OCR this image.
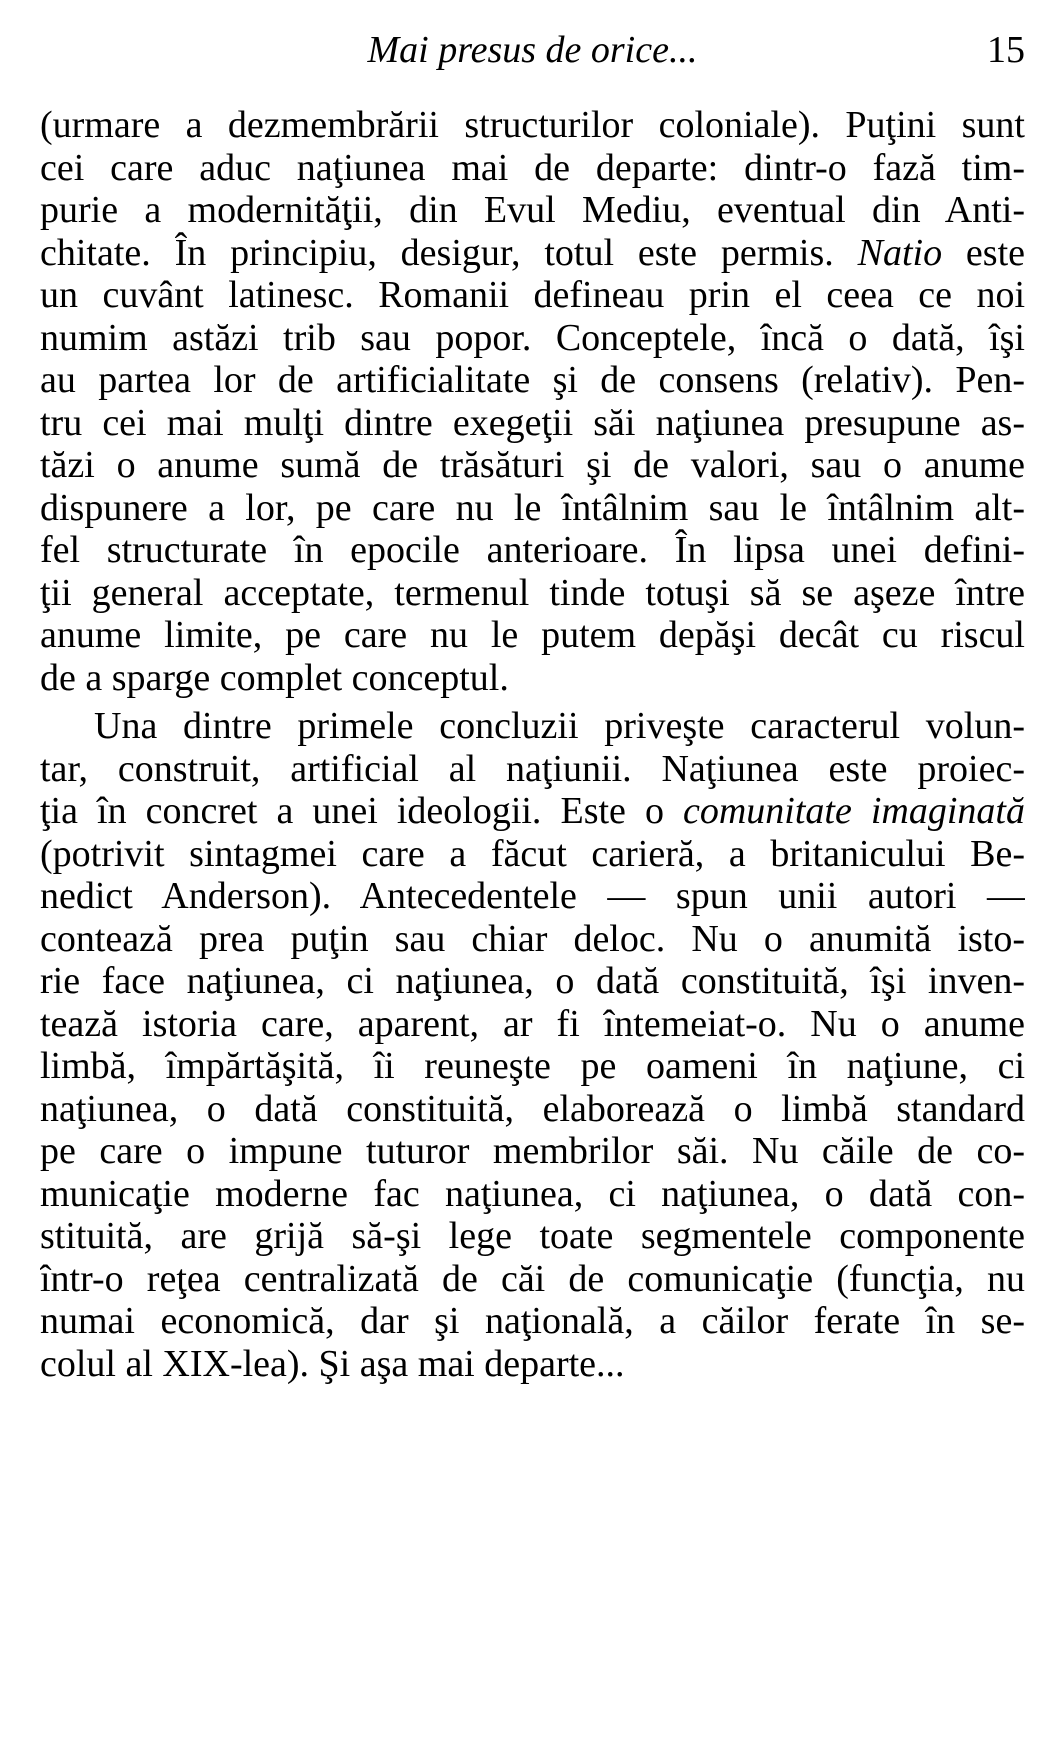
Mai presus de orice...	15
(urmare a dezmembrării structurilor coloniale). Puţini sunt
cei care aduc naţiunea mai de departe: dintr-o fază tim-
purie a modernităţii, din Evul Mediu, eventual din Anti-
chitate. În principiu, desigur, totul este permis. Natio este
un cuvânt latinesc. Romanii defineau prin el ceea ce noi
numim astăzi trib sau popor. Conceptele, încă o dată, îşi
au partea lor de artificialitate şi de consens (relativ). Pen-
tru cei mai mulţi dintre exegeţii săi naţiunea presupune as-
tăzi o anume sumă de trăsături şi de valori, sau o anume
dispunere a lor, pe care nu le întâlnim sau le întâlnim alt-
fel structurate în epocile anterioare. În lipsa unei defini-
ţii general acceptate, termenul tinde totuşi să se aşeze între
anume limite, pe care nu le putem depăşi decât cu riscul
de a sparge complet conceptul.
Una dintre primele concluzii priveşte caracterul volun-
tar, construit, artificial al naţiunii. Naţiunea este proiec-
ţia în concret a unei ideologii. Este o comunitate imaginată
(potrivit sintagmei care a făcut carieră, a britanicului Be-
nedict Anderson). Antecedentele — spun unii autori —
contează prea puţin sau chiar deloc. Nu o anumită isto-
rie face naţiunea, ci naţiunea, o dată constituită, îşi inven-
tează istoria care, aparent, ar fi întemeiat-o. Nu o anume
limbă, împărtăşită, îi reuneşte pe oameni în naţiune, ci
naţiunea, o dată constituită, elaborează o limbă standard
pe care o impune tuturor membrilor săi. Nu căile de co-
municaţie moderne fac naţiunea, ci naţiunea, o dată con-
stituită, are grijă să-şi lege toate segmentele componente
într-o reţea centralizată de căi de comunicaţie (funcţia, nu
numai economică, dar şi naţională, a căilor ferate în se-
colul al XIX-lea). Şi aşa mai departe...
